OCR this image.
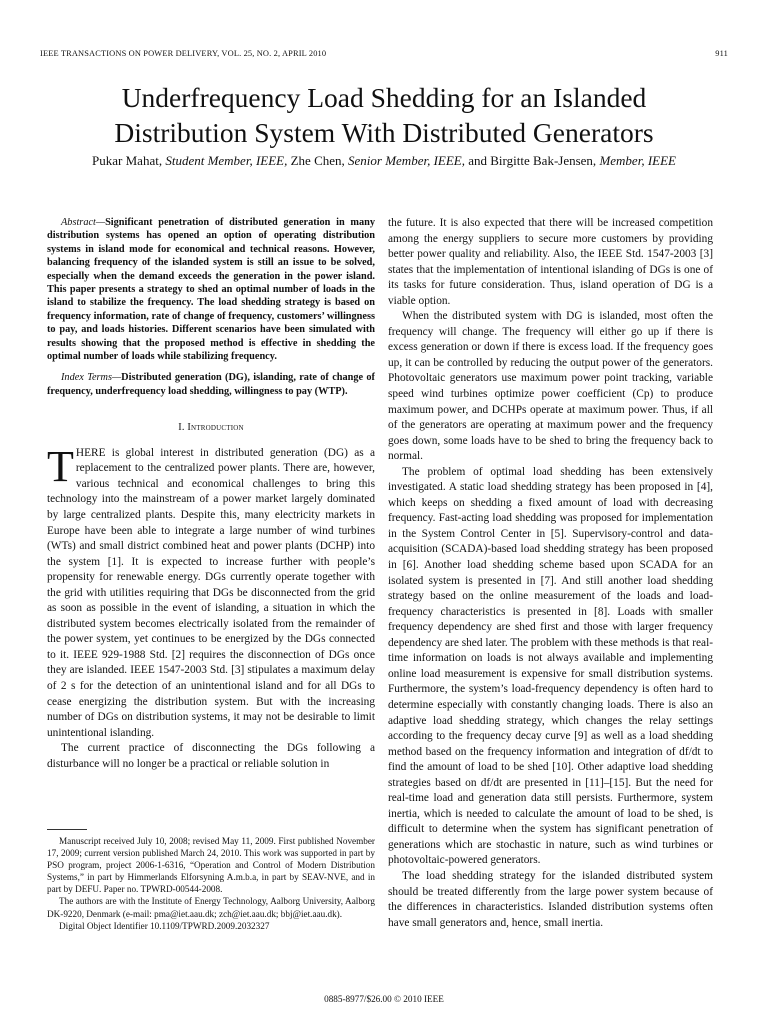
IEEE TRANSACTIONS ON POWER DELIVERY, VOL. 25, NO. 2, APRIL 2010	911
Underfrequency Load Shedding for an Islanded
Distribution System With Distributed Generators
Pukar Mahat, Student Member, IEEE, Zhe Chen, Senior Member, IEEE, and Birgitte Bak-Jensen, Member, IEEE

Abstract—Significant penetration of distributed generation in many distribution systems has opened an option of operating distribution systems in island mode for economical and technical reasons. However, balancing frequency of the islanded system is still an issue to be solved, especially when the demand exceeds the generation in the power island. This paper presents a strategy to shed an optimal number of loads in the island to stabilize the frequency. The load shedding strategy is based on frequency information, rate of change of frequency, customers’ willingness to pay, and loads histories. Different scenarios have been simulated with results showing that the proposed method is effective in shedding the optimal number of loads while stabilizing frequency.

Index Terms—Distributed generation (DG), islanding, rate of change of frequency, underfrequency load shedding, willingness to pay (WTP).

I. Introduction

THERE is global interest in distributed generation (DG) as a replacement to the centralized power plants. There are, however, various technical and economical challenges to bring this technology into the mainstream of a power market largely dominated by large centralized plants. Despite this, many electricity markets in Europe have been able to integrate a large number of wind turbines (WTs) and small district combined heat and power plants (DCHP) into the system [1]. It is expected to increase further with people’s propensity for renewable energy. DGs currently operate together with the grid with utilities requiring that DGs be disconnected from the grid as soon as possible in the event of islanding, a situation in which the distributed system becomes electrically isolated from the remainder of the power system, yet continues to be energized by the DGs connected to it. IEEE 929-1988 Std. [2] requires the disconnection of DGs once they are islanded. IEEE 1547-2003 Std. [3] stipulates a maximum delay of 2 s for the detection of an unintentional island and for all DGs to cease energizing the distribution system. But with the increasing number of DGs on distribution systems, it may not be desirable to limit unintentional islanding.

The current practice of disconnecting the DGs following a disturbance will no longer be a practical or reliable solution in

Manuscript received July 10, 2008; revised May 11, 2009. First published November 17, 2009; current version published March 24, 2010. This work was supported in part by PSO program, project 2006-1-6316, “Operation and Control of Modern Distribution Systems,” in part by Himmerlands Elforsyning A.m.b.a, in part by SEAV-NVE, and in part by DEFU. Paper no. TPWRD-00544-2008.

The authors are with the Institute of Energy Technology, Aalborg University, Aalborg DK-9220, Denmark (e-mail: pma@iet.aau.dk; zch@iet.aau.dk; bbj@iet.aau.dk).

Digital Object Identifier 10.1109/TPWRD.2009.2032327

the future. It is also expected that there will be increased competition among the energy suppliers to secure more customers by providing better power quality and reliability. Also, the IEEE Std. 1547-2003 [3] states that the implementation of intentional islanding of DGs is one of its tasks for future consideration. Thus, island operation of DG is a viable option.

When the distributed system with DG is islanded, most often the frequency will change. The frequency will either go up if there is excess generation or down if there is excess load. If the frequency goes up, it can be controlled by reducing the output power of the generators. Photovoltaic generators use maximum power point tracking, variable speed wind turbines optimize power coefficient (Cp) to produce maximum power, and DCHPs operate at maximum power. Thus, if all of the generators are operating at maximum power and the frequency goes down, some loads have to be shed to bring the frequency back to normal.

The problem of optimal load shedding has been extensively investigated. A static load shedding strategy has been proposed in [4], which keeps on shedding a fixed amount of load with decreasing frequency. Fast-acting load shedding was proposed for implementation in the System Control Center in [5]. Supervisory-control and data-acquisition (SCADA)-based load shedding strategy has been proposed in [6]. Another load shedding scheme based upon SCADA for an isolated system is presented in [7]. And still another load shedding strategy based on the online measurement of the loads and load-frequency characteristics is presented in [8]. Loads with smaller frequency dependency are shed first and those with larger frequency dependency are shed later. The problem with these methods is that real-time information on loads is not always available and implementing online load measurement is expensive for small distribution systems. Furthermore, the system’s load-frequency dependency is often hard to determine especially with constantly changing loads. There is also an adaptive load shedding strategy, which changes the relay settings according to the frequency decay curve [9] as well as a load shedding method based on the frequency information and integration of df/dt to find the amount of load to be shed [10]. Other adaptive load shedding strategies based on df/dt are presented in [11]–[15]. But the need for real-time load and generation data still persists. Furthermore, system inertia, which is needed to calculate the amount of load to be shed, is difficult to determine when the system has significant penetration of generations which are stochastic in nature, such as wind turbines or photovoltaic-powered generators.

The load shedding strategy for the islanded distributed system should be treated differently from the large power system because of the differences in characteristics. Islanded distribution systems often have small generators and, hence, small inertia.

0885-8977/$26.00 © 2010 IEEE
